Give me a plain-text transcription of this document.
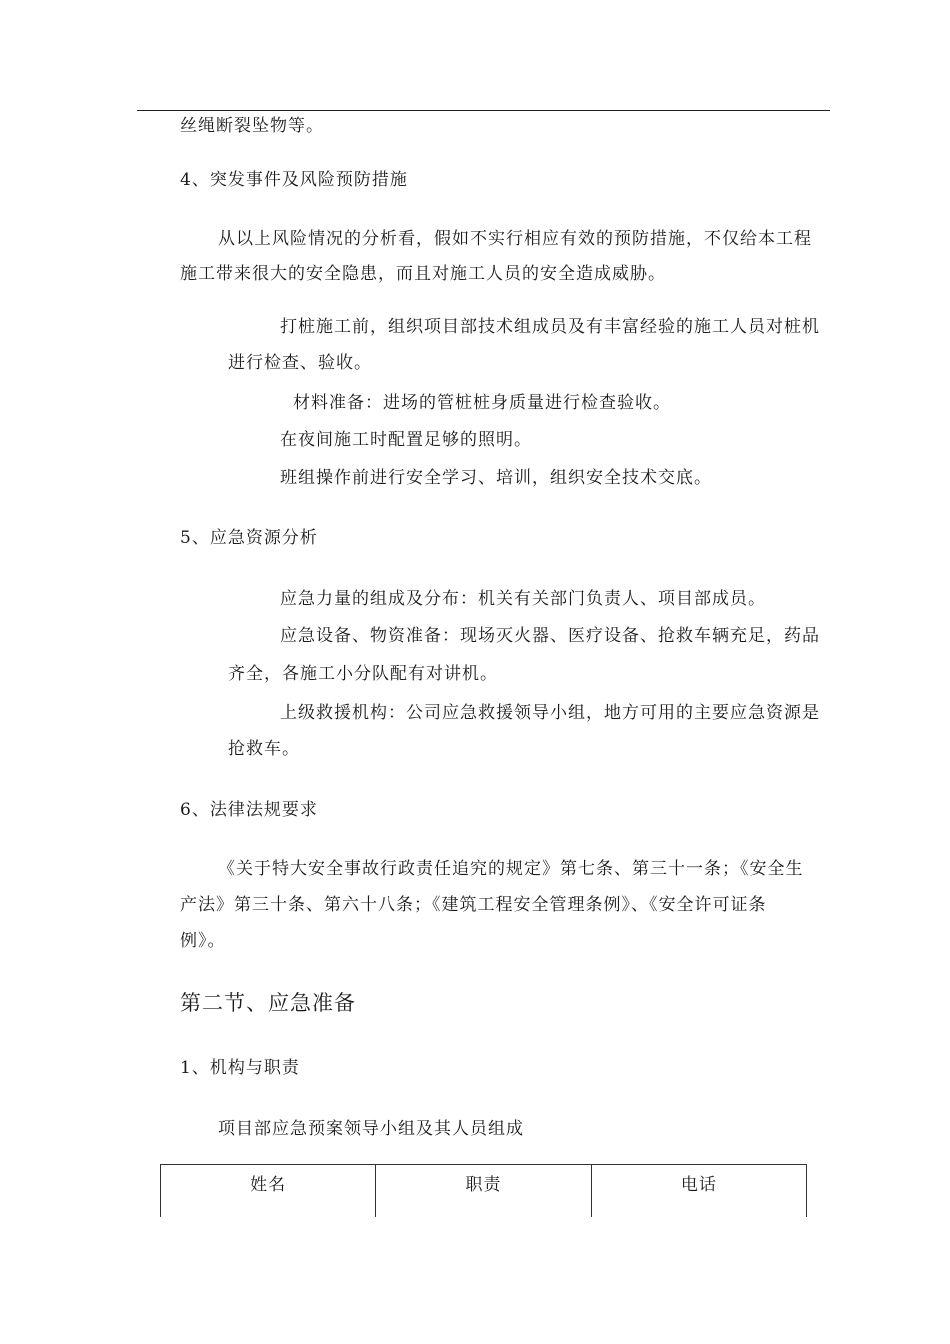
丝绳断裂坠物等。
4、突发事件及风险预防措施
从以上风险情况的分析看，假如不实行相应有效的预防措施，不仅给本工程
施工带来很大的安全隐患，而且对施工人员的安全造成威胁。
打桩施工前，组织项目部技术组成员及有丰富经验的施工人员对桩机
进行检查、验收。
材料准备：进场的管桩桩身质量进行检查验收。
在夜间施工时配置足够的照明。
班组操作前进行安全学习、培训，组织安全技术交底。
5、应急资源分析
应急力量的组成及分布：机关有关部门负责人、项目部成员。
应急设备、物资准备：现场灭火器、医疗设备、抢救车辆充足，药品
齐全，各施工小分队配有对讲机。
上级救援机构：公司应急救援领导小组，地方可用的主要应急资源是
抢救车。
6、法律法规要求
《关于特大安全事故行政责任追究的规定》第七条、第三十一条；《安全生
产法》第三十条、第六十八条；《建筑工程安全管理条例》、《安全许可证条
例》。
第二节、应急准备
1、机构与职责
项目部应急预案领导小组及其人员组成
姓名	职责	电话
